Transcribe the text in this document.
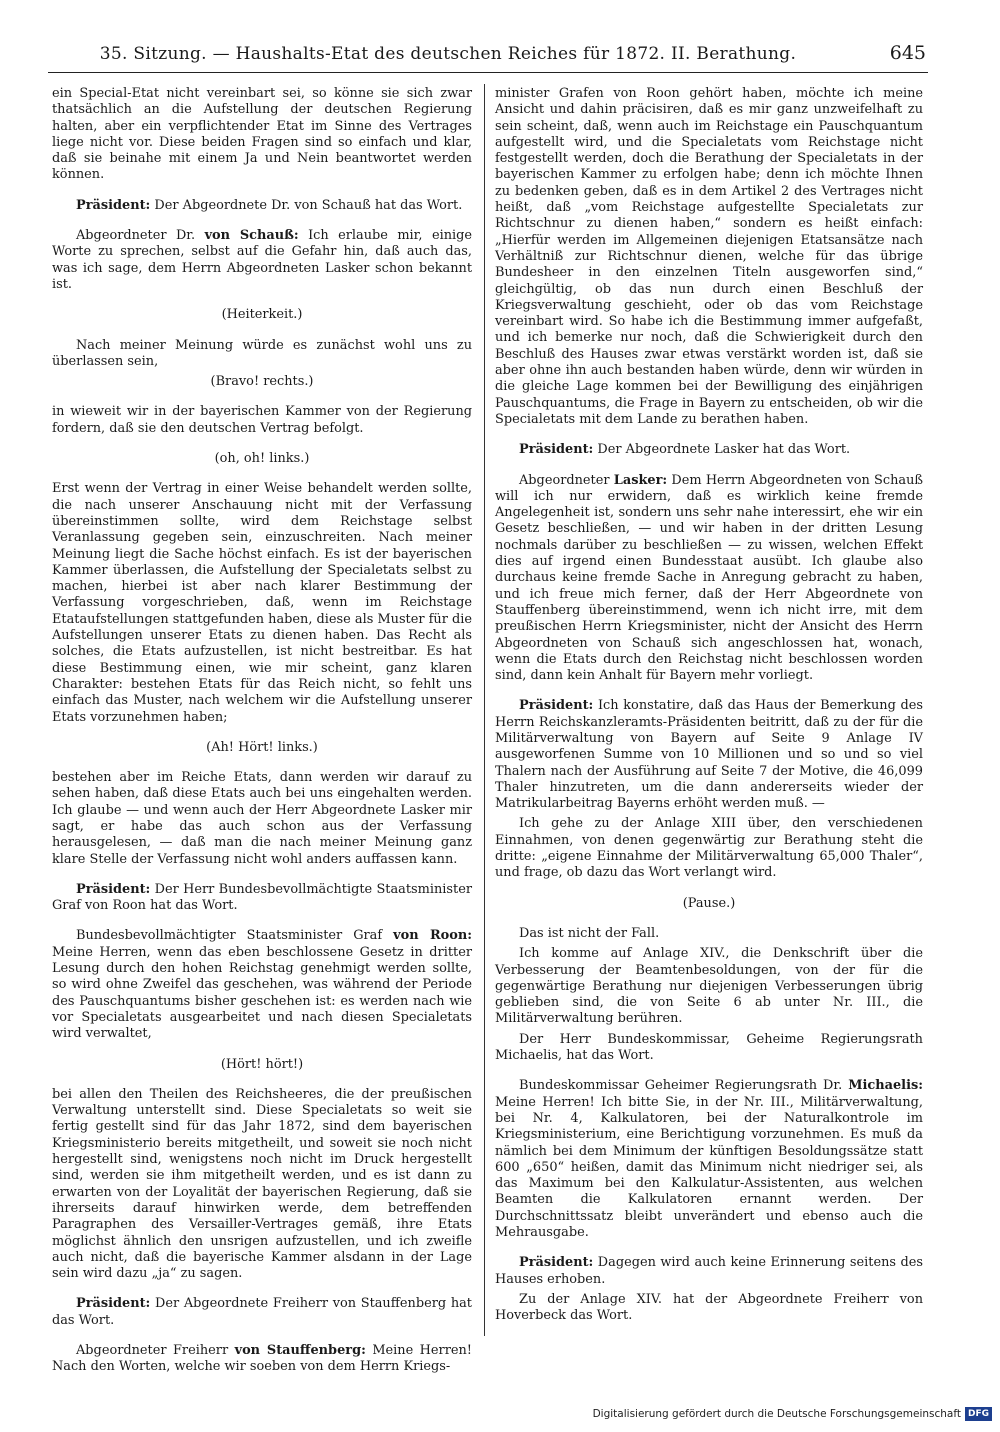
35. Sitzung. — Haushalts-Etat des deutschen Reiches für 1872. II. Berathung.	645

ein Special-Etat nicht vereinbart sei, so könne sie sich zwar thatsächlich an die Aufstellung der deutschen Regierung halten, aber ein verpflichtender Etat im Sinne des Vertrages liege nicht vor. Diese beiden Fragen sind so einfach und klar, daß sie beinahe mit einem Ja und Nein beantwortet werden können.

Präsident: Der Abgeordnete Dr. von Schauß hat das Wort.

Abgeordneter Dr. von Schauß: Ich erlaube mir, einige Worte zu sprechen, selbst auf die Gefahr hin, daß auch das, was ich sage, dem Herrn Abgeordneten Lasker schon bekannt ist.

(Heiterkeit.)

Nach meiner Meinung würde es zunächst wohl uns zu überlassen sein,

(Bravo! rechts.)

in wieweit wir in der bayerischen Kammer von der Regierung fordern, daß sie den deutschen Vertrag befolgt.

(oh, oh! links.)

Erst wenn der Vertrag in einer Weise behandelt werden sollte, die nach unserer Anschauung nicht mit der Verfassung übereinstimmen sollte, wird dem Reichstage selbst Veranlassung gegeben sein, einzuschreiten. Nach meiner Meinung liegt die Sache höchst einfach. Es ist der bayerischen Kammer überlassen, die Aufstellung der Specialetats selbst zu machen, hierbei ist aber nach klarer Bestimmung der Verfassung vorgeschrieben, daß, wenn im Reichstage Etataufstellungen stattgefunden haben, diese als Muster für die Aufstellungen unserer Etats zu dienen haben. Das Recht als solches, die Etats aufzustellen, ist nicht bestreitbar. Es hat diese Bestimmung einen, wie mir scheint, ganz klaren Charakter: bestehen Etats für das Reich nicht, so fehlt uns einfach das Muster, nach welchem wir die Aufstellung unserer Etats vorzunehmen haben;

(Ah! Hört! links.)

bestehen aber im Reiche Etats, dann werden wir darauf zu sehen haben, daß diese Etats auch bei uns eingehalten werden. Ich glaube — und wenn auch der Herr Abgeordnete Lasker mir sagt, er habe das auch schon aus der Verfassung herausgelesen, — daß man die nach meiner Meinung ganz klare Stelle der Verfassung nicht wohl anders auffassen kann.

Präsident: Der Herr Bundesbevollmächtigte Staatsminister Graf von Roon hat das Wort.

Bundesbevollmächtigter Staatsminister Graf von Roon: Meine Herren, wenn das eben beschlossene Gesetz in dritter Lesung durch den hohen Reichstag genehmigt werden sollte, so wird ohne Zweifel das geschehen, was während der Periode des Pauschquantums bisher geschehen ist: es werden nach wie vor Specialetats ausgearbeitet und nach diesen Specialetats wird verwaltet,

(Hört! hört!)

bei allen den Theilen des Reichsheeres, die der preußischen Verwaltung unterstellt sind. Diese Specialetats so weit sie fertig gestellt sind für das Jahr 1872, sind dem bayerischen Kriegsministerio bereits mitgetheilt, und soweit sie noch nicht hergestellt sind, wenigstens noch nicht im Druck hergestellt sind, werden sie ihm mitgetheilt werden, und es ist dann zu erwarten von der Loyalität der bayerischen Regierung, daß sie ihrerseits darauf hinwirken werde, dem betreffenden Paragraphen des Versailler-Vertrages gemäß, ihre Etats möglichst ähnlich den unsrigen aufzustellen, und ich zweifle auch nicht, daß die bayerische Kammer alsdann in der Lage sein wird dazu „ja“ zu sagen.

Präsident: Der Abgeordnete Freiherr von Stauffenberg hat das Wort.

Abgeordneter Freiherr von Stauffenberg: Meine Herren! Nach den Worten, welche wir soeben von dem Herrn Kriegs-

minister Grafen von Roon gehört haben, möchte ich meine Ansicht und dahin präcisiren, daß es mir ganz unzweifelhaft zu sein scheint, daß, wenn auch im Reichstage ein Pauschquantum aufgestellt wird, und die Specialetats vom Reichstage nicht festgestellt werden, doch die Berathung der Specialetats in der bayerischen Kammer zu erfolgen habe; denn ich möchte Ihnen zu bedenken geben, daß es in dem Artikel 2 des Vertrages nicht heißt, daß „vom Reichstage aufgestellte Specialetats zur Richtschnur zu dienen haben,“ sondern es heißt einfach: „Hierfür werden im Allgemeinen diejenigen Etatsansätze nach Verhältniß zur Richtschnur dienen, welche für das übrige Bundesheer in den einzelnen Titeln ausgeworfen sind,“ gleichgültig, ob das nun durch einen Beschluß der Kriegsverwaltung geschieht, oder ob das vom Reichstage vereinbart wird. So habe ich die Bestimmung immer aufgefaßt, und ich bemerke nur noch, daß die Schwierigkeit durch den Beschluß des Hauses zwar etwas verstärkt worden ist, daß sie aber ohne ihn auch bestanden haben würde, denn wir würden in die gleiche Lage kommen bei der Bewilligung des einjährigen Pauschquantums, die Frage in Bayern zu entscheiden, ob wir die Specialetats mit dem Lande zu berathen haben.

Präsident: Der Abgeordnete Lasker hat das Wort.

Abgeordneter Lasker: Dem Herrn Abgeordneten von Schauß will ich nur erwidern, daß es wirklich keine fremde Angelegenheit ist, sondern uns sehr nahe interessirt, ehe wir ein Gesetz beschließen, — und wir haben in der dritten Lesung nochmals darüber zu beschließen — zu wissen, welchen Effekt dies auf irgend einen Bundesstaat ausübt. Ich glaube also durchaus keine fremde Sache in Anregung gebracht zu haben, und ich freue mich ferner, daß der Herr Abgeordnete von Stauffenberg übereinstimmend, wenn ich nicht irre, mit dem preußischen Herrn Kriegsminister, nicht der Ansicht des Herrn Abgeordneten von Schauß sich angeschlossen hat, wonach, wenn die Etats durch den Reichstag nicht beschlossen worden sind, dann kein Anhalt für Bayern mehr vorliegt.

Präsident: Ich konstatire, daß das Haus der Bemerkung des Herrn Reichskanzleramts-Präsidenten beitritt, daß zu der für die Militärverwaltung von Bayern auf Seite 9 Anlage IV ausgeworfenen Summe von 10 Millionen und so und so viel Thalern nach der Ausführung auf Seite 7 der Motive, die 46,099 Thaler hinzutreten, um die dann andererseits wieder der Matrikularbeitrag Bayerns erhöht werden muß. —

Ich gehe zu der Anlage XIII über, den verschiedenen Einnahmen, von denen gegenwärtig zur Berathung steht die dritte: „eigene Einnahme der Militärverwaltung 65,000 Thaler“, und frage, ob dazu das Wort verlangt wird.

(Pause.)

Das ist nicht der Fall.

Ich komme auf Anlage XIV., die Denkschrift über die Verbesserung der Beamtenbesoldungen, von der für die gegenwärtige Berathung nur diejenigen Verbesserungen übrig geblieben sind, die von Seite 6 ab unter Nr. III., die Militärverwaltung berühren.

Der Herr Bundeskommissar, Geheime Regierungsrath Michaelis, hat das Wort.

Bundeskommissar Geheimer Regierungsrath Dr. Michaelis: Meine Herren! Ich bitte Sie, in der Nr. III., Militärverwaltung, bei Nr. 4, Kalkulatoren, bei der Naturalkontrole im Kriegsministerium, eine Berichtigung vorzunehmen. Es muß da nämlich bei dem Minimum der künftigen Besoldungssätze statt 600 „650“ heißen, damit das Minimum nicht niedriger sei, als das Maximum bei den Kalkulatur-Assistenten, aus welchen Beamten die Kalkulatoren ernannt werden. Der Durchschnittssatz bleibt unverändert und ebenso auch die Mehrausgabe.

Präsident: Dagegen wird auch keine Erinnerung seitens des Hauses erhoben.

Zu der Anlage XIV. hat der Abgeordnete Freiherr von Hoverbeck das Wort.

Digitalisierung gefördert durch die Deutsche Forschungsgemeinschaft DFG
